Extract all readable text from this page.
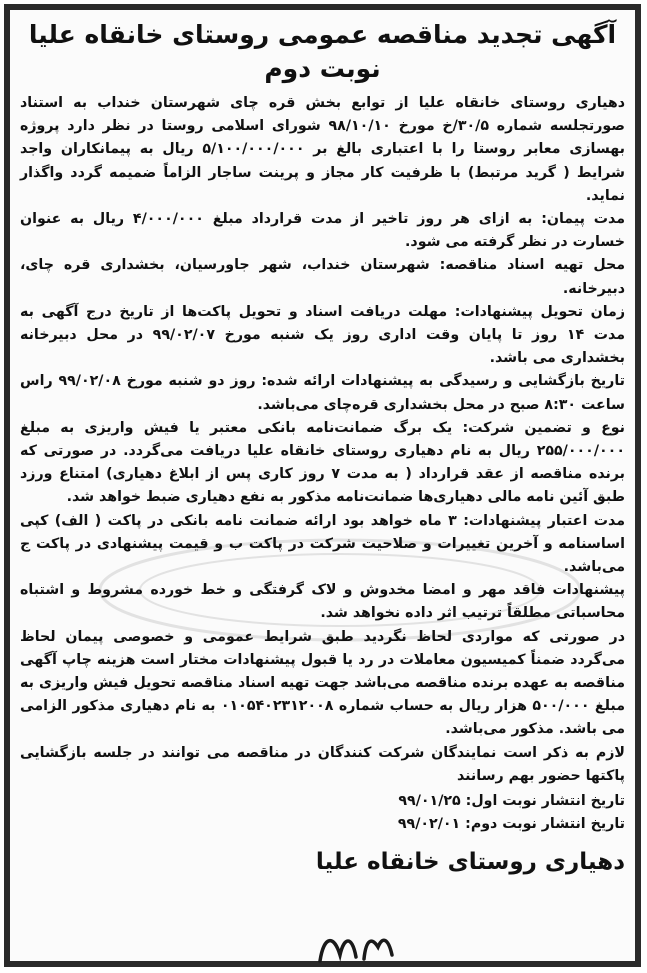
آگهی تجدید مناقصه عمومی روستای خانقاه علیا نوبت دوم

دهیاری روستای خانقاه علیا از توابع بخش قره چای شهرستان خنداب به استناد صورتجلسه شماره ۳۰/۵/خ مورخ ۹۸/۱۰/۱۰ شورای اسلامی روستا در نظر دارد پروژه بهسازی معابر روستا را با اعتباری بالغ بر ۵/۱۰۰/۰۰۰/۰۰۰ ریال به پیمانکاران واجد شرایط ( گرید مرتبط) با ظرفیت کار مجاز و پرینت ساجار الزاماً ضمیمه گردد واگذار نماید.

مدت پیمان: به ازای هر روز تاخیر از مدت قرارداد مبلغ ۴/۰۰۰/۰۰۰ ریال به عنوان خسارت در نظر گرفته می شود.

محل تهیه اسناد مناقصه: شهرستان خنداب، شهر جاورسیان، بخشداری قره چای، دبیرخانه.

زمان تحویل پیشنهادات: مهلت دریافت اسناد و تحویل پاکت‌ها از تاریخ درج آگهی به مدت ۱۴ روز تا پایان وقت اداری روز یک شنبه مورخ ۹۹/۰۲/۰۷ در محل دبیرخانه بخشداری می باشد.

تاریخ بازگشایی و رسیدگی به پیشنهادات ارائه شده: روز دو شنبه مورخ ۹۹/۰۲/۰۸ راس ساعت ۸:۳۰ صبح در محل بخشداری قره‌چای می‌باشد.

نوع و تضمین شرکت: یک برگ ضمانت‌نامه بانکی معتبر یا فیش واریزی به مبلغ ۲۵۵/۰۰۰/۰۰۰ ریال به نام دهیاری روستای خانقاه علیا دریافت می‌گردد. در صورتی که برنده مناقصه از عقد قرارداد ( به مدت ۷ روز کاری پس از ابلاغ دهیاری) امتناع ورزد طبق آئین نامه مالی دهیاری‌ها ضمانت‌نامه مذکور به نفع دهیاری ضبط خواهد شد.

مدت اعتبار پیشنهادات: ۳ ماه خواهد بود ارائه ضمانت نامه بانکی در پاکت ( الف) کپی اساسنامه و آخرین تغییرات و صلاحیت شرکت در پاکت ب و قیمت پیشنهادی در پاکت ج می‌باشد.

پیشنهادات فاقد مهر و امضا مخدوش و لاک گرفتگی و خط خورده مشروط و اشتباه محاسباتی مطلقاً ترتیب اثر داده نخواهد شد.

در صورتی که مواردی لحاظ نگردید طبق شرایط عمومی و خصوصی پیمان لحاظ می‌گردد ضمناً کمیسیون معاملات در رد یا قبول پیشنهادات مختار است هزینه چاپ آگهی مناقصه به عهده برنده مناقصه می‌باشد جهت تهیه اسناد مناقصه تحویل فیش واریزی به مبلغ ۵۰۰/۰۰۰ هزار ریال به حساب شماره ۰۱۰۵۴۰۲۳۱۲۰۰۸ به نام دهیاری مذکور الزامی می باشد. مذکور می‌باشد.

لازم به ذکر است نمایندگان شرکت کنندگان در مناقصه می توانند در جلسه بازگشایی پاکتها حضور بهم رسانند

تاریخ انتشار نوبت اول: ۹۹/۰۱/۲۵

تاریخ انتشار نوبت دوم: ۹۹/۰۲/۰۱

دهیاری روستای خانقاه علیا
